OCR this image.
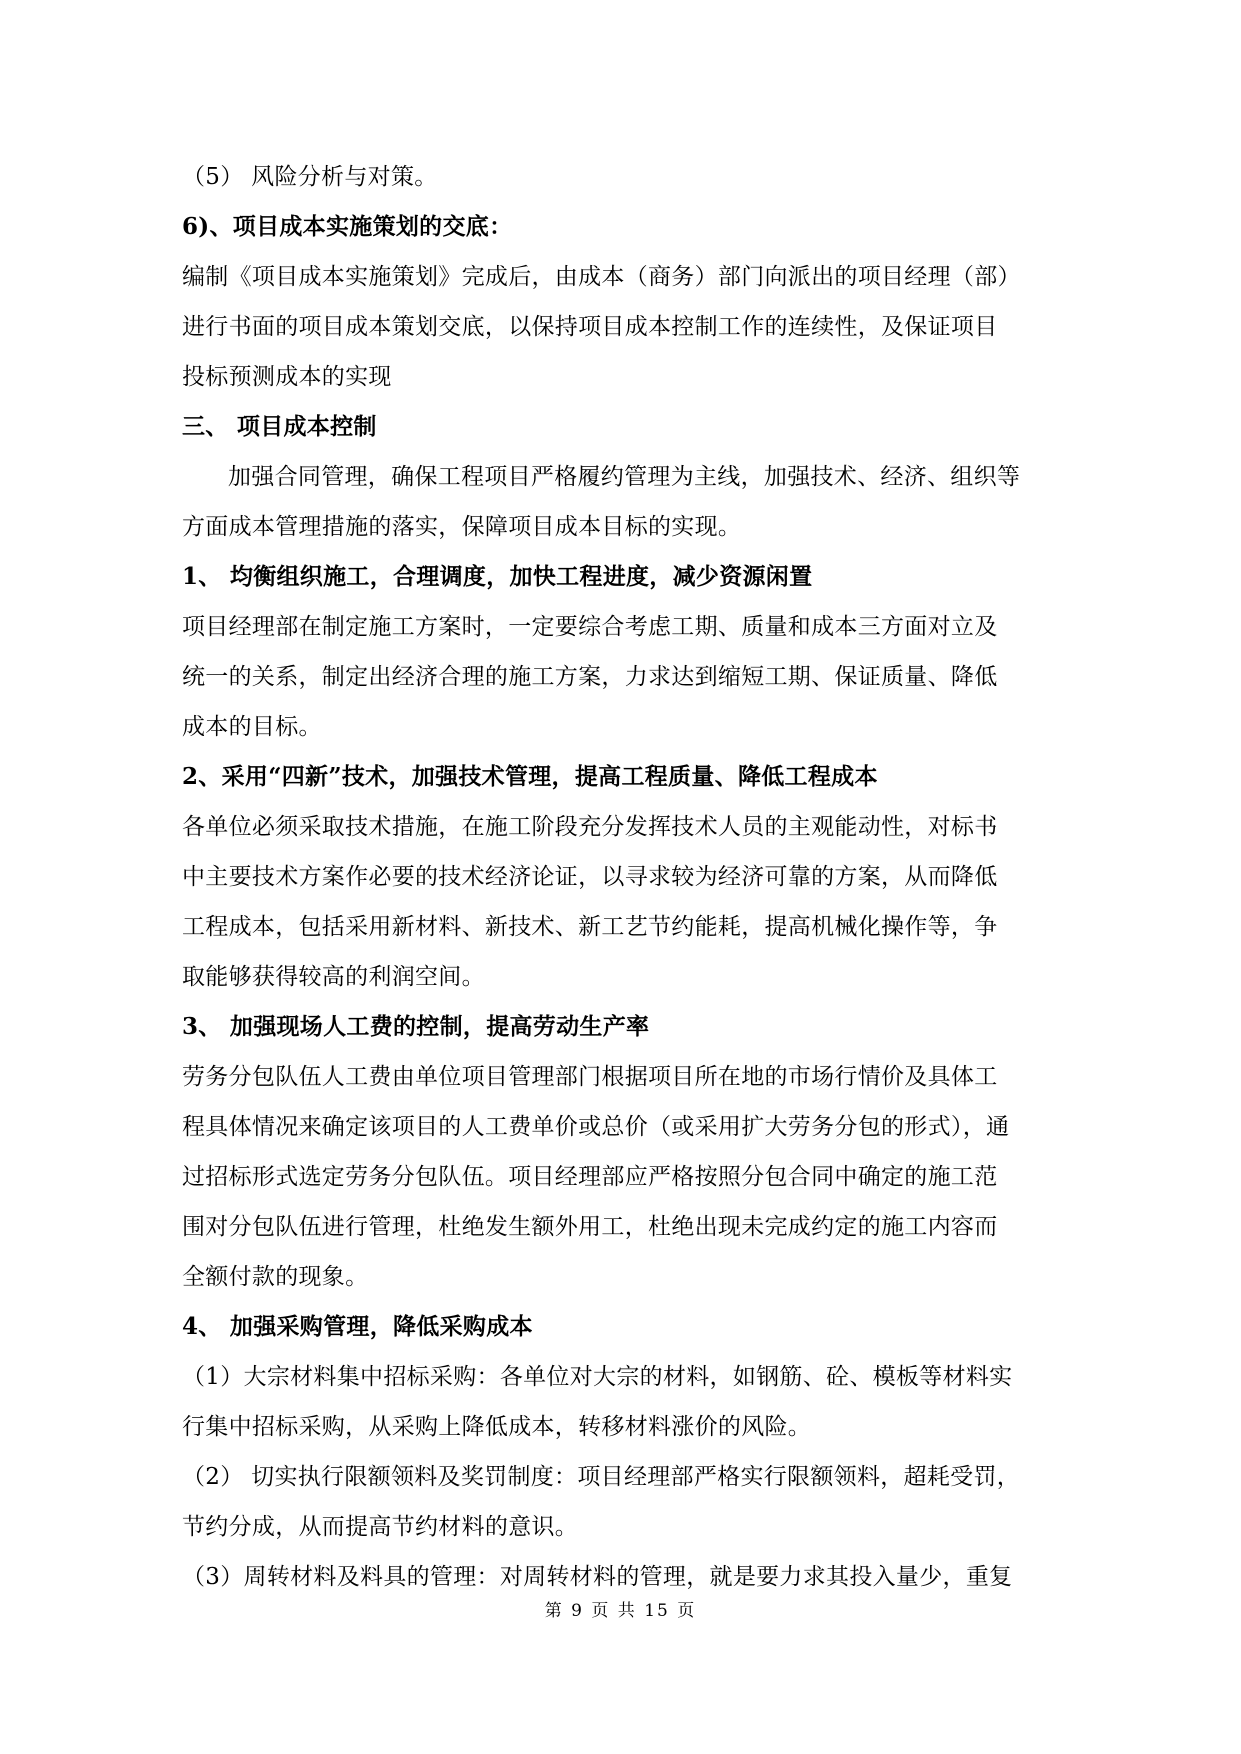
（5） 风险分析与对策。
6)、项目成本实施策划的交底：
编制《项目成本实施策划》完成后，由成本（商务）部门向派出的项目经理（部）
进行书面的项目成本策划交底，以保持项目成本控制工作的连续性，及保证项目
投标预测成本的实现
三、 项目成本控制
加强合同管理，确保工程项目严格履约管理为主线，加强技术、经济、组织等
方面成本管理措施的落实，保障项目成本目标的实现。
1、 均衡组织施工，合理调度，加快工程进度，减少资源闲置
项目经理部在制定施工方案时，一定要综合考虑工期、质量和成本三方面对立及
统一的关系，制定出经济合理的施工方案，力求达到缩短工期、保证质量、降低
成本的目标。
2、采用“四新”技术，加强技术管理，提高工程质量、降低工程成本
各单位必须采取技术措施，在施工阶段充分发挥技术人员的主观能动性，对标书
中主要技术方案作必要的技术经济论证，以寻求较为经济可靠的方案，从而降低
工程成本，包括采用新材料、新技术、新工艺节约能耗，提高机械化操作等，争
取能够获得较高的利润空间。
3、 加强现场人工费的控制，提高劳动生产率
劳务分包队伍人工费由单位项目管理部门根据项目所在地的市场行情价及具体工
程具体情况来确定该项目的人工费单价或总价（或采用扩大劳务分包的形式），通
过招标形式选定劳务分包队伍。项目经理部应严格按照分包合同中确定的施工范
围对分包队伍进行管理，杜绝发生额外用工，杜绝出现未完成约定的施工内容而
全额付款的现象。
4、 加强采购管理，降低采购成本
（1）大宗材料集中招标采购：各单位对大宗的材料，如钢筋、砼、模板等材料实
行集中招标采购，从采购上降低成本，转移材料涨价的风险。
（2） 切实执行限额领料及奖罚制度：项目经理部严格实行限额领料，超耗受罚，
节约分成，从而提高节约材料的意识。
（3）周转材料及料具的管理：对周转材料的管理，就是要力求其投入量少，重复
第 9 页 共 15 页
